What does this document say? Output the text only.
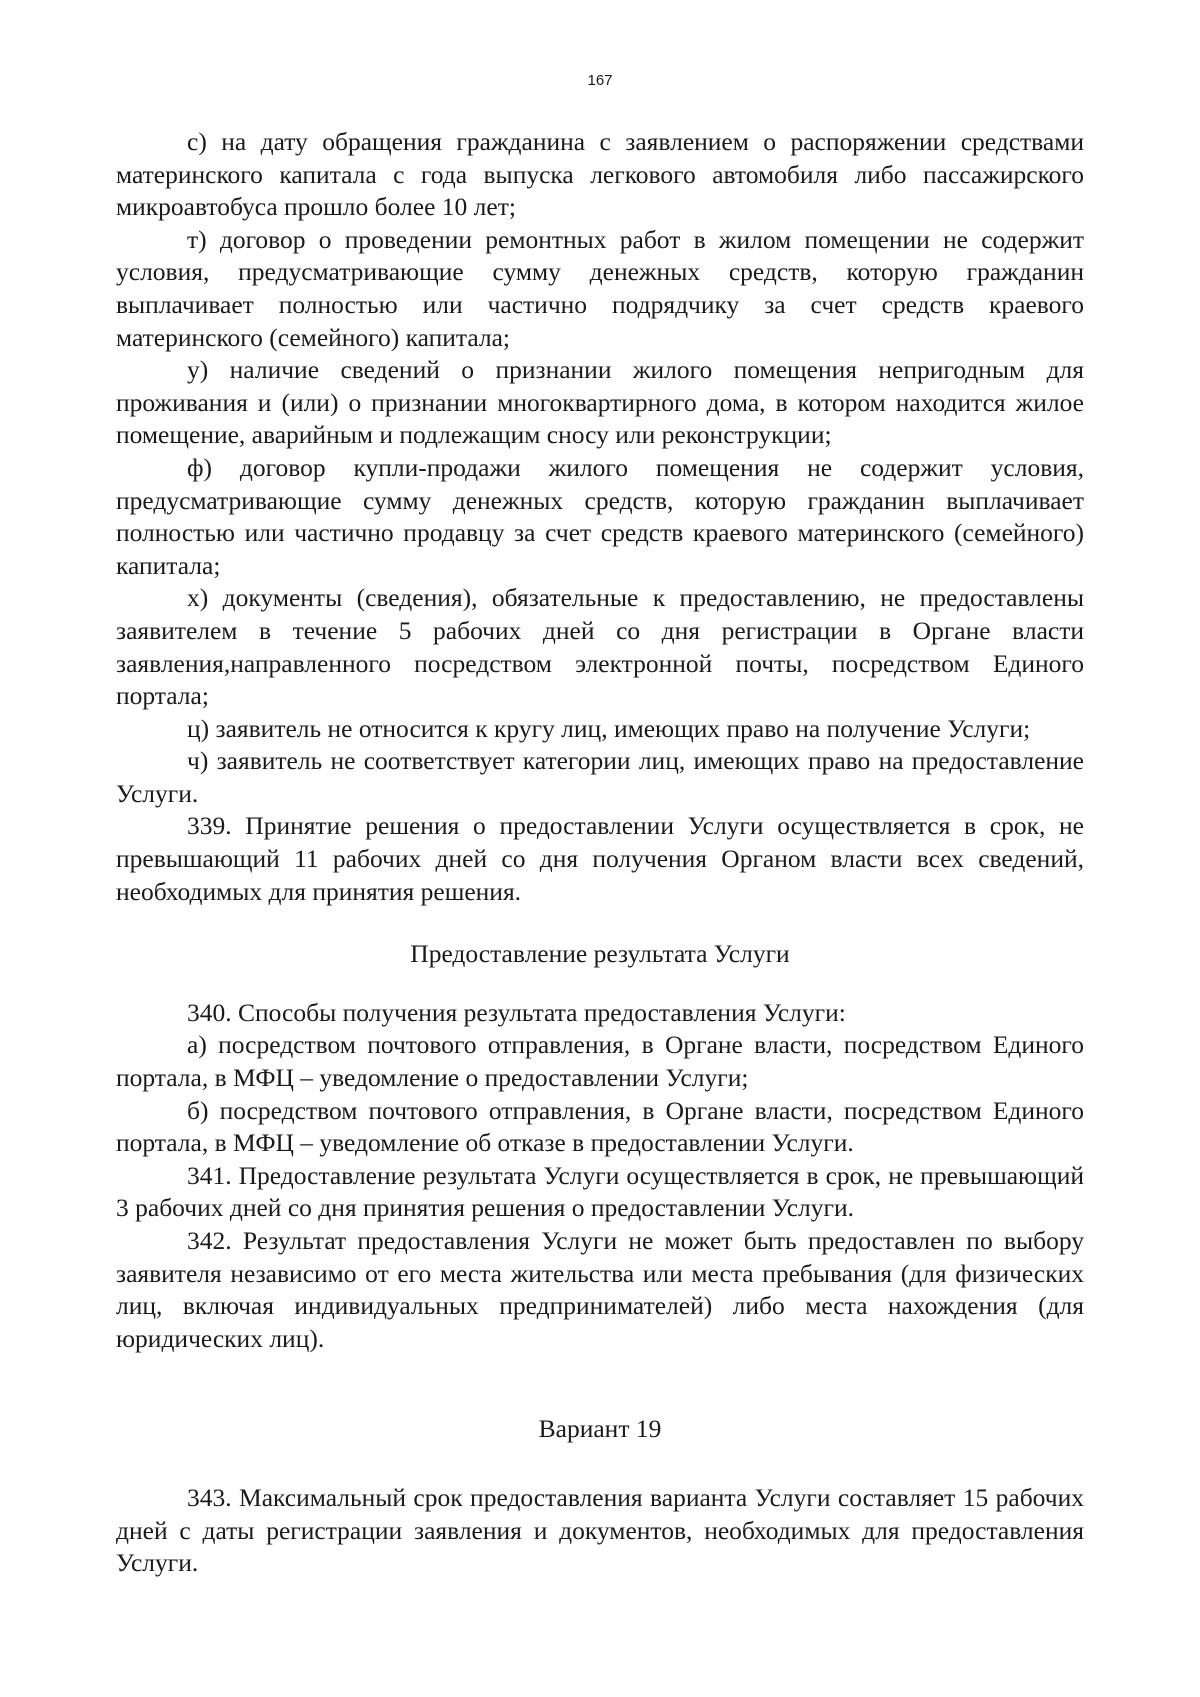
167

с) на дату обращения гражданина с заявлением о распоряжении средствами материнского капитала с года выпуска легкового автомобиля либо пассажирского микроавтобуса прошло более 10 лет;

т) договор о проведении ремонтных работ в жилом помещении не содержит условия, предусматривающие сумму денежных средств, которую гражданин выплачивает полностью или частично подрядчику за счет средств краевого материнского (семейного) капитала;

у) наличие сведений о признании жилого помещения непригодным для проживания и (или) о признании многоквартирного дома, в котором находится жилое помещение, аварийным и подлежащим сносу или реконструкции;

ф) договор купли-продажи жилого помещения не содержит условия, предусматривающие сумму денежных средств, которую гражданин выплачивает полностью или частично продавцу за счет средств краевого материнского (семейного) капитала;

х) документы (сведения), обязательные к предоставлению, не предоставлены заявителем в течение 5 рабочих дней со дня регистрации в Органе власти заявления,направленного посредством электронной почты, посредством Единого портала;

ц) заявитель не относится к кругу лиц, имеющих право на получение Услуги;

ч) заявитель не соответствует категории лиц, имеющих право на предоставление Услуги.

339. Принятие решения о предоставлении Услуги осуществляется в срок, не превышающий 11 рабочих дней со дня получения Органом власти всех сведений, необходимых для принятия решения.

Предоставление результата Услуги

340. Способы получения результата предоставления Услуги:

а) посредством почтового отправления, в Органе власти, посредством Единого портала, в МФЦ – уведомление о предоставлении Услуги;

б) посредством почтового отправления, в Органе власти, посредством Единого портала, в МФЦ – уведомление об отказе в предоставлении Услуги.

341. Предоставление результата Услуги осуществляется в срок, не превышающий 3 рабочих дней со дня принятия решения о предоставлении Услуги.

342. Результат предоставления Услуги не может быть предоставлен по выбору заявителя независимо от его места жительства или места пребывания (для физических лиц, включая индивидуальных предпринимателей) либо места нахождения (для юридических лиц).

Вариант 19

343. Максимальный срок предоставления варианта Услуги составляет 15 рабочих дней с даты регистрации заявления и документов, необходимых для предоставления Услуги.
